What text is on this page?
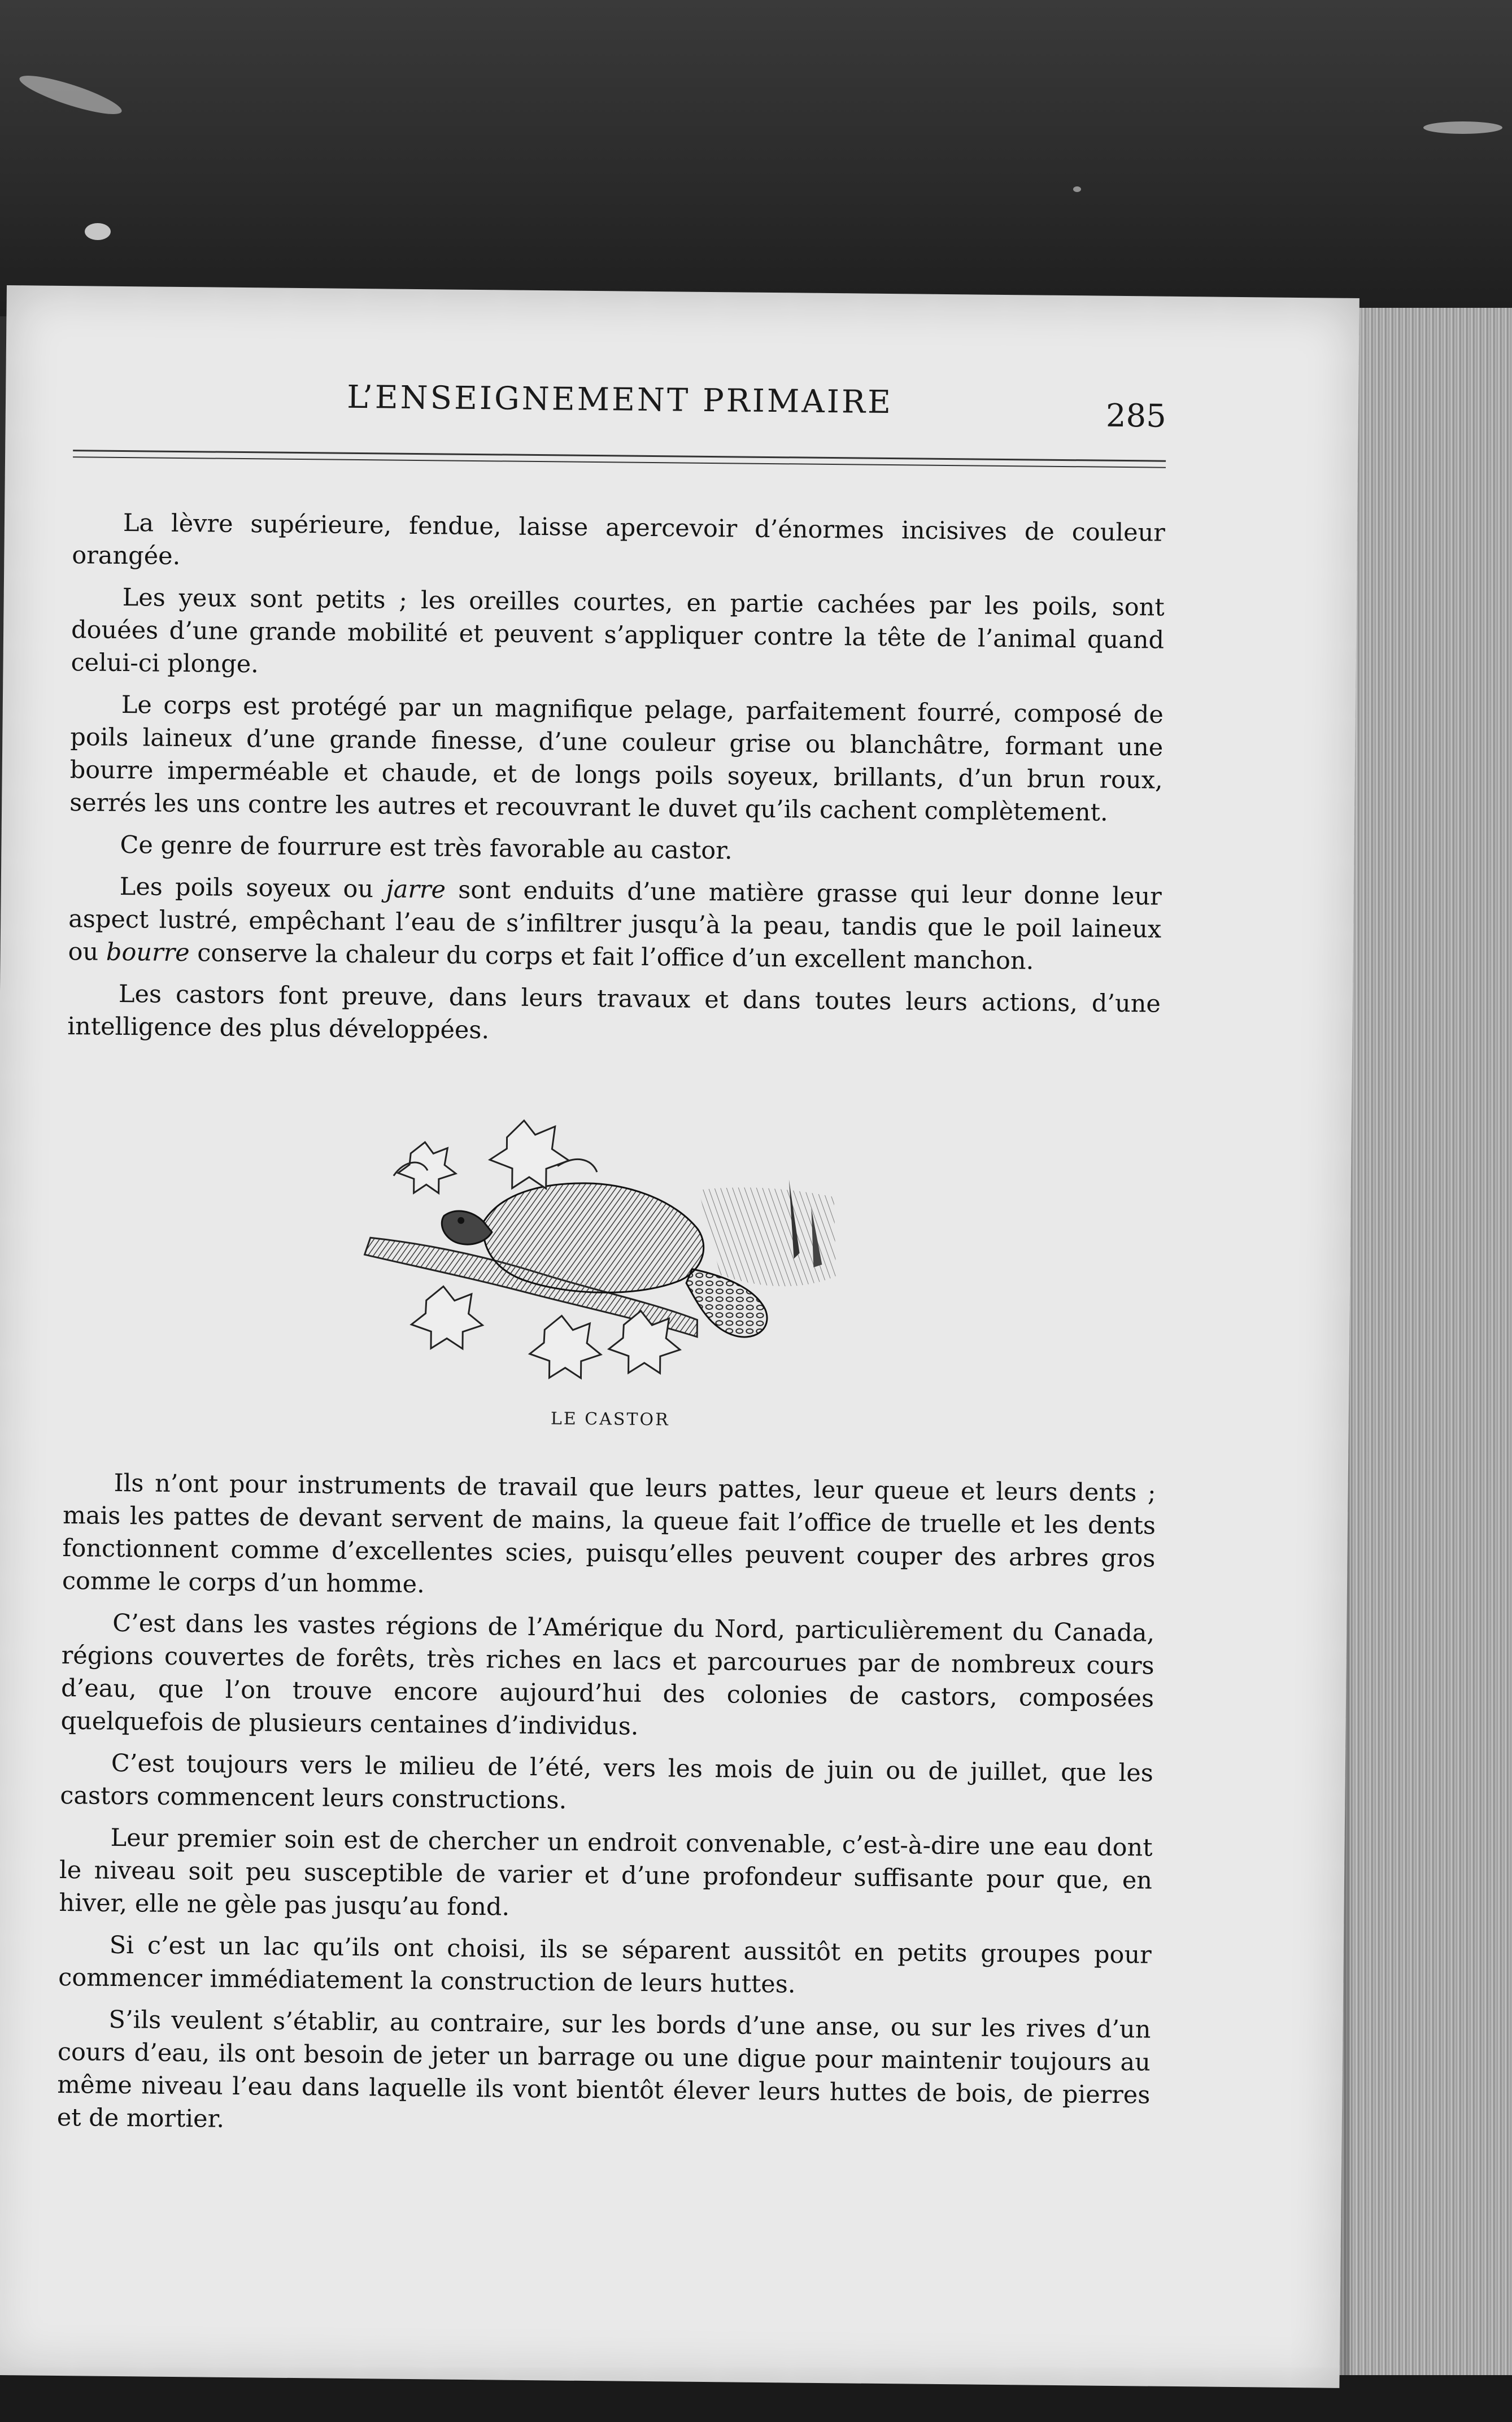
L’ENSEIGNEMENT PRIMAIRE	285

La lèvre supérieure, fendue, laisse apercevoir d’énormes incisives de couleur orangée.

Les yeux sont petits ; les oreilles courtes, en partie cachées par les poils, sont douées d’une grande mobilité et peuvent s’appliquer contre la tête de l’animal quand celui-ci plonge.

Le corps est protégé par un magnifique pelage, parfaitement fourré, composé de poils laineux d’une grande finesse, d’une couleur grise ou blanchâtre, formant une bourre imperméable et chaude, et de longs poils soyeux, brillants, d’un brun roux, serrés les uns contre les autres et recouvrant le duvet qu’ils cachent complètement.

Ce genre de fourrure est très favorable au castor.

Les poils soyeux ou jarre sont enduits d’une matière grasse qui leur donne leur aspect lustré, empêchant l’eau de s’infiltrer jusqu’à la peau, tandis que le poil laineux ou bourre conserve la chaleur du corps et fait l’office d’un excellent manchon.

Les castors font preuve, dans leurs travaux et dans toutes leurs actions, d’une intelligence des plus développées.

LE CASTOR

Ils n’ont pour instruments de travail que leurs pattes, leur queue et leurs dents ; mais les pattes de devant servent de mains, la queue fait l’office de truelle et les dents fonctionnent comme d’excellentes scies, puisqu’elles peuvent couper des arbres gros comme le corps d’un homme.

C’est dans les vastes régions de l’Amérique du Nord, particulièrement du Canada, régions couvertes de forêts, très riches en lacs et parcourues par de nombreux cours d’eau, que l’on trouve encore aujourd’hui des colonies de castors, composées quelquefois de plusieurs centaines d’individus.

C’est toujours vers le milieu de l’été, vers les mois de juin ou de juillet, que les castors commencent leurs constructions.

Leur premier soin est de chercher un endroit convenable, c’est-à-dire une eau dont le niveau soit peu susceptible de varier et d’une profondeur suffisante pour que, en hiver, elle ne gèle pas jusqu’au fond.

Si c’est un lac qu’ils ont choisi, ils se séparent aussitôt en petits groupes pour commencer immédiatement la construction de leurs huttes.

S’ils veulent s’établir, au contraire, sur les bords d’une anse, ou sur les rives d’un cours d’eau, ils ont besoin de jeter un barrage ou une digue pour maintenir toujours au même niveau l’eau dans laquelle ils vont bientôt élever leurs huttes de bois, de pierres et de mortier.
